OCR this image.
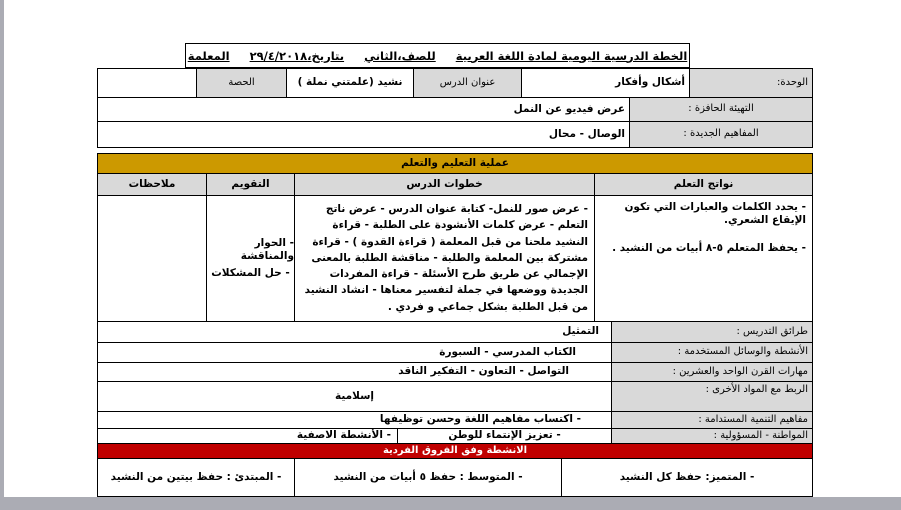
الخطة الدرسية اليومية لمادة اللغة العربية
للصف،الثاني
بتاريخ،٢٩/٤/٢٠١٨
المعلمة
الوحدة:
أشكال وأفكار
عنوان الدرس
نشيد (علمتني نملة )
الحصة
التهيئة الحافزة :
عرض فيديو عن النمل
المفاهيم الجديدة :
الوصال - محال
عملية التعليم والتعلم
نواتج التعلم
خطوات الدرس
التقويم
ملاحظات
- يحدد الكلمات والعبارات التي تكون الإيقاع الشعري.
- يحفظ المتعلم ٥-٨ أبيات من النشيد .
- عرض صور للنمل- كتابة عنوان الدرس - عرض ناتج التعلم - عرض كلمات الأنشودة على الطلبة - قراءة النشيد ملحنا من قبل المعلمة ( قراءة القدوة ) - قراءة مشتركة بين المعلمة والطلبة - مناقشة الطلبة بالمعنى الإجمالي عن طريق طرح الأسئلة - قراءة المفردات الجديدة ووضعها في جملة لتفسير معناها - انشاد النشيد من قبل الطلبة بشكل جماعي و فردي .
- الحوار والمناقشة
- حل المشكلات
طرائق التدريس :
التمثيل
الأنشطة والوسائل المستخدمة :
الكتاب المدرسي - السبورة
مهارات القرن الواحد والعشرين :
التواصل - التعاون - التفكير الناقد
الربط مع المواد الأخرى :
إسلامية
مفاهيم التنمية المستدامة :
- اكتساب مفاهيم اللغة وحسن توظيفها
المواطنة - المسؤولية :
- تعزيز الإنتماء للوطن
- الأنشطة الاصفية
الانشطة وفق الفروق الفردية
- المتميز: حفظ كل النشيد
- المتوسط : حفظ ٥ أبيات من النشيد
- المبتدئ : حفظ بيتين من النشيد
